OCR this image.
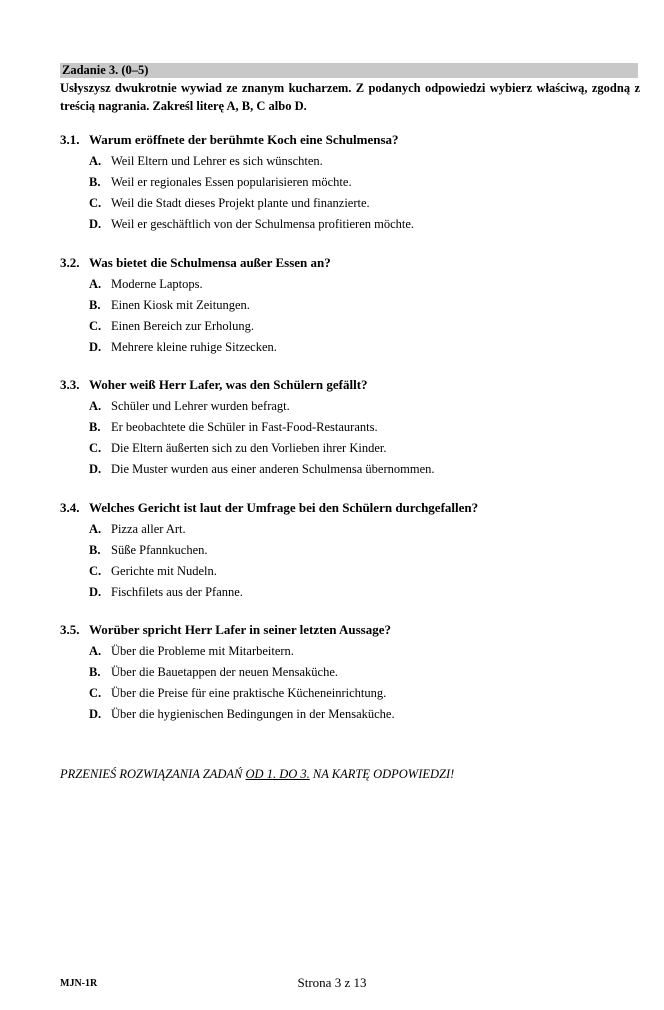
Zadanie 3. (0–5)
Usłyszysz dwukrotnie wywiad ze znanym kucharzem. Z podanych odpowiedzi wybierz właściwą, zgodną z treścią nagrania. Zakreśl literę A, B, C albo D.

3.1. Warum eröffnete der berühmte Koch eine Schulmensa?

A. Weil Eltern und Lehrer es sich wünschten.
B. Weil er regionales Essen popularisieren möchte.
C. Weil die Stadt dieses Projekt plante und finanzierte.
D. Weil er geschäftlich von der Schulmensa profitieren möchte.

3.2. Was bietet die Schulmensa außer Essen an?

A. Moderne Laptops.
B. Einen Kiosk mit Zeitungen.
C. Einen Bereich zur Erholung.
D. Mehrere kleine ruhige Sitzecken.

3.3. Woher weiß Herr Lafer, was den Schülern gefällt?

A. Schüler und Lehrer wurden befragt.
B. Er beobachtete die Schüler in Fast-Food-Restaurants.
C. Die Eltern äußerten sich zu den Vorlieben ihrer Kinder.
D. Die Muster wurden aus einer anderen Schulmensa übernommen.

3.4. Welches Gericht ist laut der Umfrage bei den Schülern durchgefallen?

A. Pizza aller Art.
B. Süße Pfannkuchen.
C. Gerichte mit Nudeln.
D. Fischfilets aus der Pfanne.

3.5. Worüber spricht Herr Lafer in seiner letzten Aussage?

A. Über die Probleme mit Mitarbeitern.
B. Über die Bauetappen der neuen Mensaküche.
C. Über die Preise für eine praktische Kücheneinrichtung.
D. Über die hygienischen Bedingungen in der Mensaküche.
PRZENIEŚ ROZWIĄZANIA ZADAŃ OD 1. DO 3. NA KARTĘ ODPOWIEDZI!
MJN-1R	Strona 3 z 13
